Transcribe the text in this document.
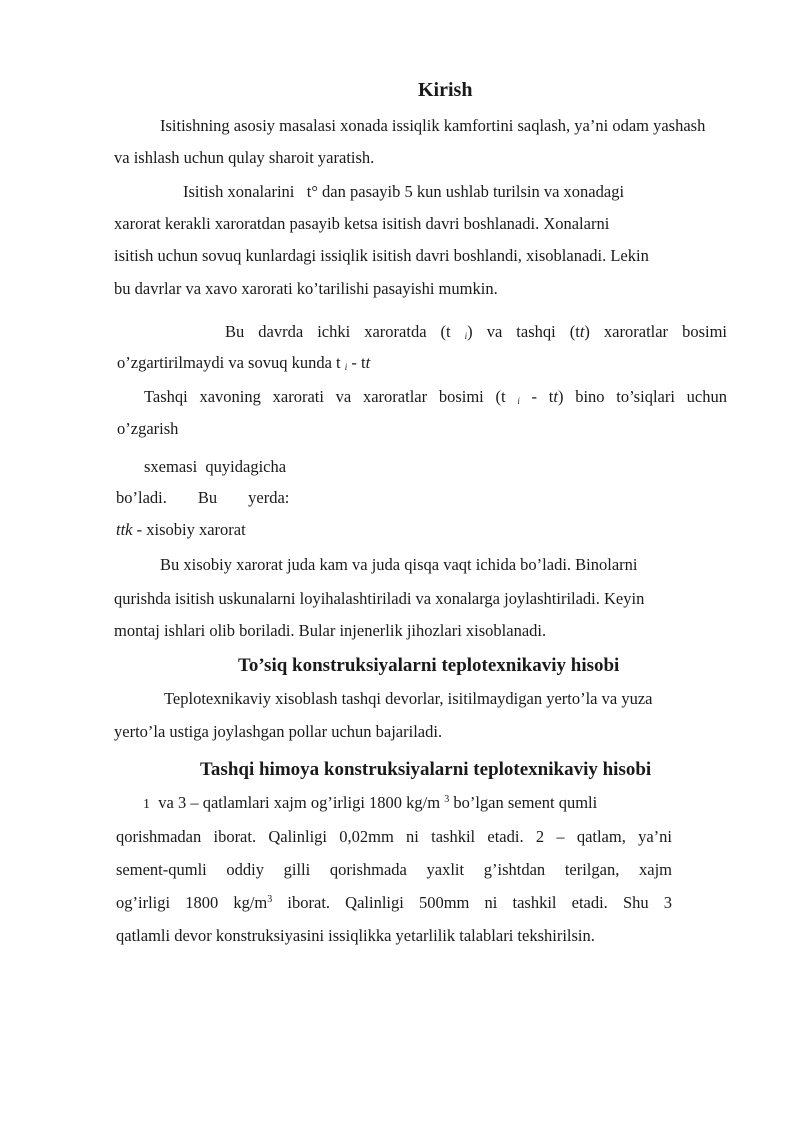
Kirish
Isitishning asosiy masalasi xonada issiqlik kamfortini saqlash, ya’ni odam yashash
va ishlash uchun qulay sharoit yaratish.
Isitish xonalarini   t° dan pasayib 5 kun ushlab turilsin va xonadagi
xarorat kerakli xaroratdan pasayib ketsa isitish davri boshlanadi. Xonalarni
isitish uchun sovuq kunlardagi issiqlik isitish davri boshlandi, xisoblanadi. Lekin
bu davrlar va xavo xarorati ko’tarilishi pasayishi mumkin.
Bu davrda ichki xaroratda (t $_i$) va tashqi (tt) xaroratlar bosimi
o’zgartirilmaydi va sovuq kunda t $_i$ - tt
Tashqi xavoning xarorati va xaroratlar bosimi (t $_i$ - tt) bino to’siqlari uchun
o’zgarish
sxemasi  quyidagicha
bo’ladi. Bu yerda:
ttk - xisobiy xarorat
Bu xisobiy xarorat juda kam va juda qisqa vaqt ichida bo’ladi. Binolarni
qurishda isitish uskunalarni loyihalashtiriladi va xonalarga joylashtiriladi. Keyin
montaj ishlari olib boriladi. Bular injenerlik jihozlari xisoblanadi.
To’siq konstruksiyalarni teplotexnikaviy hisobi
Teplotexnikaviy xisoblash tashqi devorlar, isitilmaydigan yerto’la va yuza
yerto’la ustiga joylashgan pollar uchun bajariladi.
Tashqi himoya konstruksiyalarni teplotexnikaviy hisobi
1  va 3 – qatlamlari xajm og’irligi 1800 kg/m $^3$ bo’lgan sement qumli
qorishmadan iborat. Qalinligi 0,02mm ni tashkil etadi. 2 – qatlam, ya’ni
sement-qumli oddiy gilli qorishmada yaxlit g’ishtdan terilgan, xajm
og’irligi 1800 $kg/m^3$ iborat. Qalinligi 500mm ni tashkil etadi. Shu 3
qatlamli devor konstruksiyasini issiqlikka yetarlilik talablari tekshirilsin.
